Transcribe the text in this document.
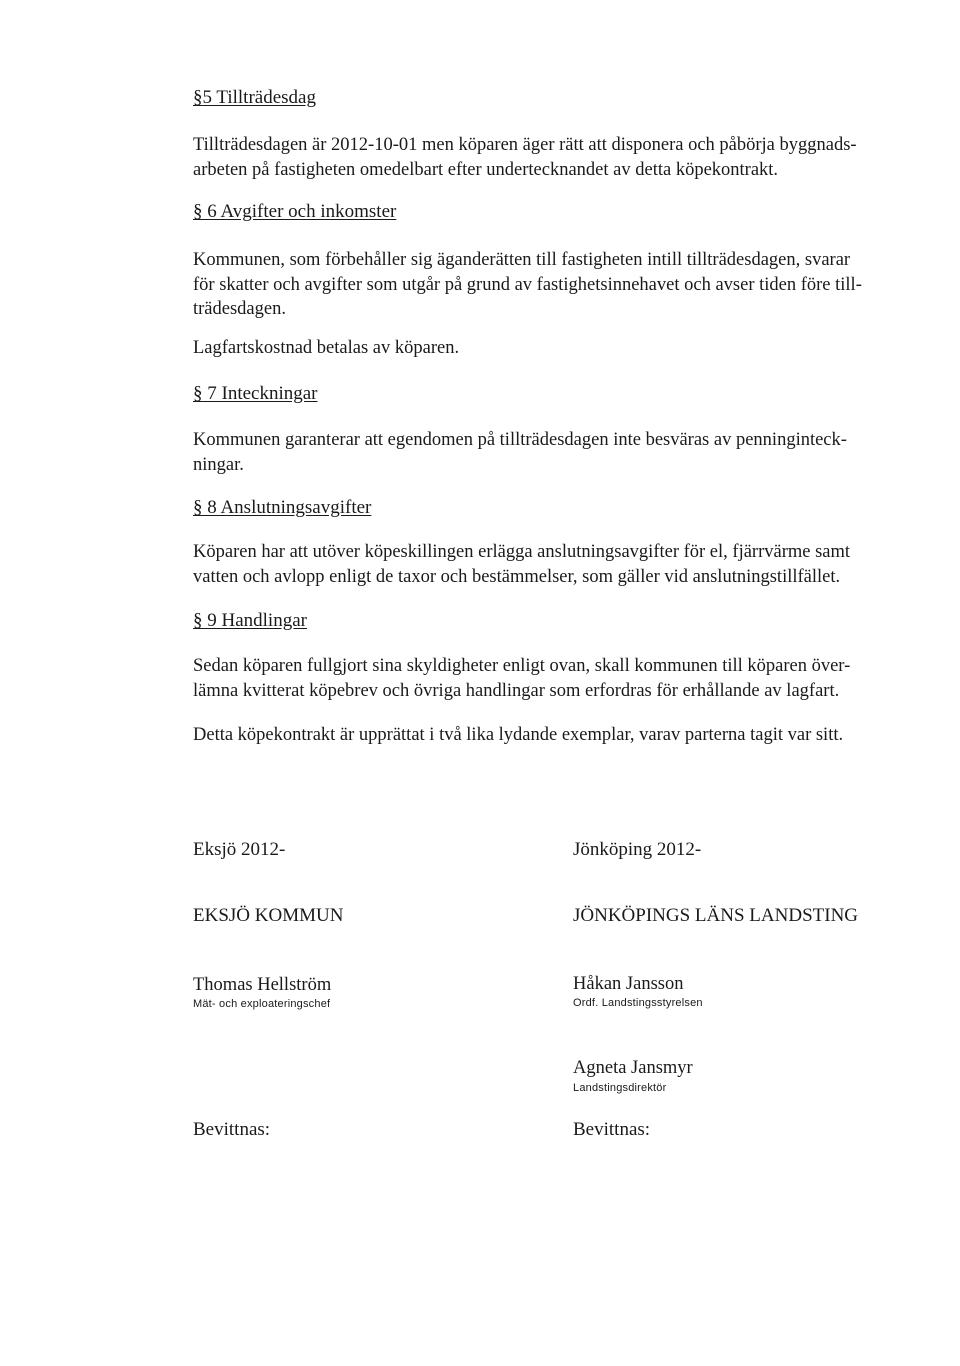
§5 Tillträdesdag
Tillträdesdagen är 2012-10-01 men köparen äger rätt att disponera och påbörja byggnads-
arbeten på fastigheten omedelbart efter undertecknandet av detta köpekontrakt.
§ 6 Avgifter och inkomster
Kommunen, som förbehåller sig äganderätten till fastigheten intill tillträdesdagen, svarar
för skatter och avgifter som utgår på grund av fastighetsinnehavet och avser tiden före till-
trädesdagen.
Lagfartskostnad betalas av köparen.
§ 7 Inteckningar
Kommunen garanterar att egendomen på tillträdesdagen inte besväras av penninginteck-
ningar.
§ 8 Anslutningsavgifter
Köparen har att utöver köpeskillingen erlägga anslutningsavgifter för el, fjärrvärme samt
vatten och avlopp enligt de taxor och bestämmelser, som gäller vid anslutningstillfället.
§ 9 Handlingar
Sedan köparen fullgjort sina skyldigheter enligt ovan, skall kommunen till köparen över-
lämna kvitterat köpebrev och övriga handlingar som erfordras för erhållande av lagfart.
Detta köpekontrakt är upprättat i två lika lydande exemplar, varav parterna tagit var sitt.
Eksjö 2012-
EKSJÖ KOMMUN
Thomas Hellström
Mät- och exploateringschef
Bevittnas:
Jönköping 2012-
JÖNKÖPINGS LÄNS LANDSTING
Håkan Jansson
Ordf. Landstingsstyrelsen
Agneta Jansmyr
Landstingsdirektör
Bevittnas:
